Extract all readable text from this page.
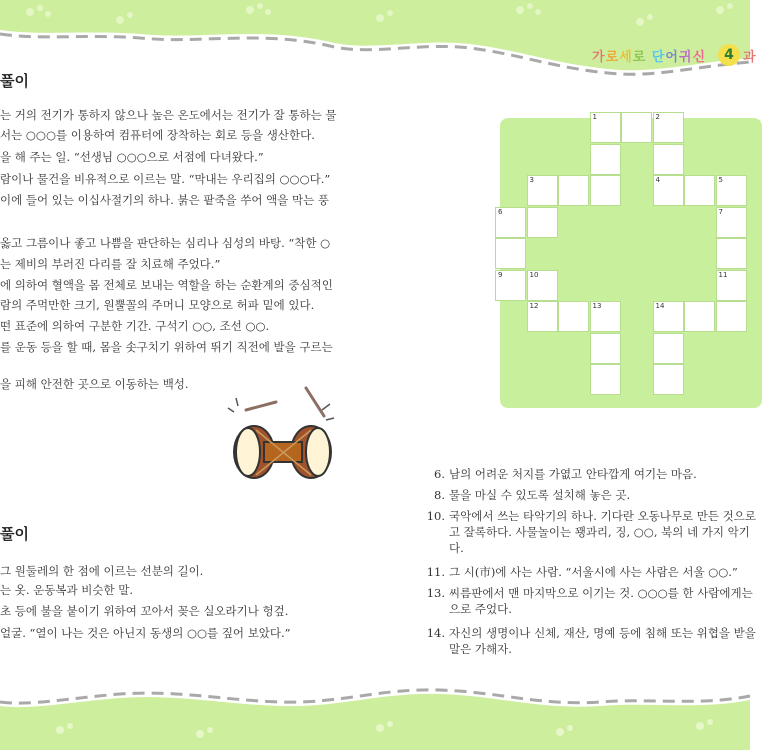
가로세로 단어귀신	4 과
풀이
는 거의 전기가 통하지 않으나 높은 온도에서는 전기가 잘 통하는 물
서는 ○○○를 이용하여 컴퓨터에 장착하는 회로 등을 생산한다.
을 해 주는 일. “선생님 ○○○으로 서점에 다녀왔다.”
람이나 물건을 비유적으로 이르는 말. “막내는 우리집의 ○○○다.”
이에 들어 있는 이십사절기의 하나. 붉은 팥죽을 쑤어 액을 막는 풍
옳고 그름이나 좋고 나쁨을 판단하는 심리나 심성의 바탕. “착한 ○
는 제비의 부러진 다리를 잘 치료해 주었다.”
에 의하여 혈액을 몸 전체로 보내는 역할을 하는 순환계의 중심적인
람의 주먹만한 크기, 원뿔꼴의 주머니 모양으로 허파 밑에 있다.
떤 표준에 의하여 구분한 기간. 구석기 ○○, 조선 ○○.
를 운동 등을 할 때, 몸을 솟구치기 위하여 뛰기 직전에 발을 구르는
을 피해 안전한 곳으로 이동하는 백성.
풀이
그 원둘레의 한 점에 이르는 선분의 길이.
는 옷. 운동복과 비슷한 말.
초 등에 불을 붙이기 위하여 꼬아서 꽂은 실오라기나 헝겊.
얼굴. “열이 나는 것은 아닌지 동생의 ○○를 짚어 보았다.”
1	2
3	4	5
6	7
9	10	11
12	13	14
6. 남의 어려운 처지를 가엾고 안타깝게 여기는 마음.
8. 물을 마실 수 있도록 설치해 놓은 곳.
10. 국악에서 쓰는 타악기의 하나. 기다란 오동나무로 만든 것으로
고 잘록하다. 사물놀이는 꽹과리, 징, ○○, 북의 네 가지 악기
다.
11. 그 시(市)에 사는 사람. “서울시에 사는 사람은 서울 ○○.”
13. 씨름판에서 맨 마지막으로 이기는 것. ○○○를 한 사람에게는
으로 주었다.
14. 자신의 생명이나 신체, 재산, 명예 등에 침해 또는 위협을 받을
말은 가해자.
